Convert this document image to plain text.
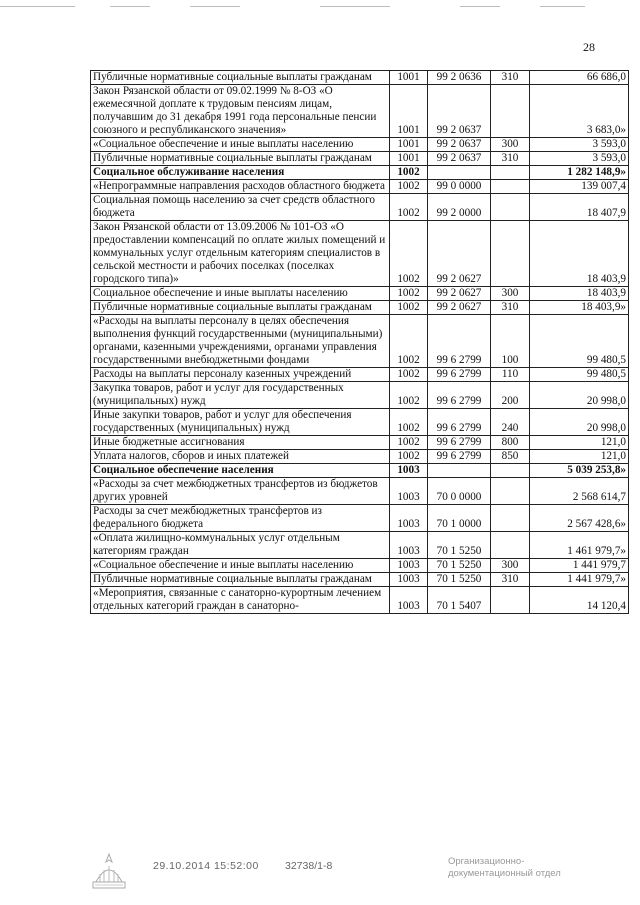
28
Публичные нормативные социальные выплаты гражданам	1001	99 2 0636	310	66 686,0
Закон Рязанской области от 09.02.1999 № 8-ОЗ «О ежемесячной доплате к трудовым пенсиям лицам, получавшим до 31 декабря 1991 года персональные пенсии союзного и республиканского значения»	1001	99 2 0637		3 683,0»
«Социальное обеспечение и иные выплаты населению	1001	99 2 0637	300	3 593,0
Публичные нормативные социальные выплаты гражданам	1001	99 2 0637	310	3 593,0
Социальное обслуживание населения	1002			1 282 148,9»
«Непрограммные направления расходов областного бюджета	1002	99 0 0000		139 007,4
Социальная помощь населению за счет средств областного бюджета	1002	99 2 0000		18 407,9
Закон Рязанской области от 13.09.2006 № 101-ОЗ «О предоставлении компенсаций по оплате жилых помещений и коммунальных услуг отдельным категориям специалистов в сельской местности и рабочих поселках (поселках городского типа)»	1002	99 2 0627		18 403,9
Социальное обеспечение и иные выплаты населению	1002	99 2 0627	300	18 403,9
Публичные нормативные социальные выплаты гражданам	1002	99 2 0627	310	18 403,9»
«Расходы на выплаты персоналу в целях обеспечения выполнения функций государственными (муниципальными) органами, казенными учреждениями, органами управления государственными внебюджетными фондами	1002	99 6 2799	100	99 480,5
Расходы на выплаты персоналу казенных учреждений	1002	99 6 2799	110	99 480,5
Закупка товаров, работ и услуг для государственных (муниципальных) нужд	1002	99 6 2799	200	20 998,0
Иные закупки товаров, работ и услуг для обеспечения государственных (муниципальных) нужд	1002	99 6 2799	240	20 998,0
Иные бюджетные ассигнования	1002	99 6 2799	800	121,0
Уплата налогов, сборов и иных платежей	1002	99 6 2799	850	121,0
Социальное обеспечение населения	1003			5 039 253,8»
«Расходы за счет межбюджетных трансфертов из бюджетов других уровней	1003	70 0 0000		2 568 614,7
Расходы за счет межбюджетных трансфертов из федерального бюджета	1003	70 1 0000		2 567 428,6»
«Оплата жилищно-коммунальных услуг отдельным категориям граждан	1003	70 1 5250		1 461 979,7»
«Социальное обеспечение и иные выплаты населению	1003	70 1 5250	300	1 441 979,7
Публичные нормативные социальные выплаты гражданам	1003	70 1 5250	310	1 441 979,7»
«Мероприятия, связанные с санаторно-курортным лечением отдельных категорий граждан в санаторно-	1003	70 1 5407		14 120,4
29.10.2014 15:52:00 32738/1-8	Организационно-
документационный отдел
